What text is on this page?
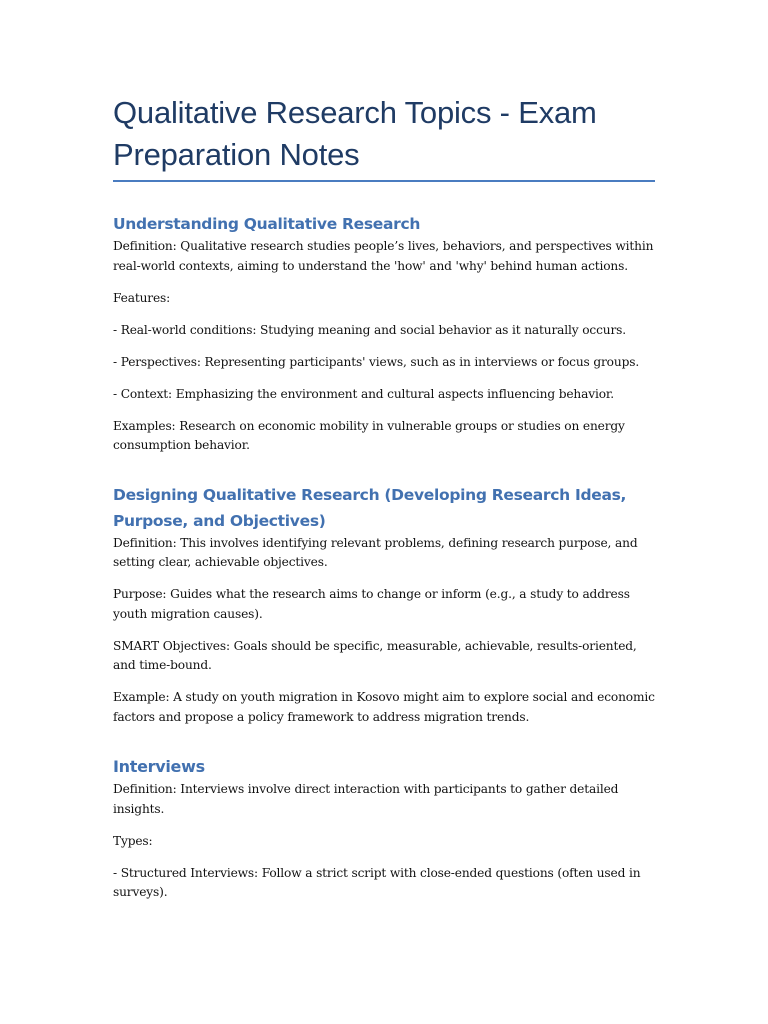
Qualitative Research Topics - Exam
Preparation Notes
Understanding Qualitative Research

Definition: Qualitative research studies people’s lives, behaviors, and perspectives within real-world contexts, aiming to understand the 'how' and 'why' behind human actions.

Features:

- Real-world conditions: Studying meaning and social behavior as it naturally occurs.

- Perspectives: Representing participants' views, such as in interviews or focus groups.

- Context: Emphasizing the environment and cultural aspects influencing behavior.

Examples: Research on economic mobility in vulnerable groups or studies on energy consumption behavior.

Designing Qualitative Research (Developing Research Ideas, Purpose, and Objectives)

Definition: This involves identifying relevant problems, defining research purpose, and setting clear, achievable objectives.

Purpose: Guides what the research aims to change or inform (e.g., a study to address youth migration causes).

SMART Objectives: Goals should be specific, measurable, achievable, results-oriented, and time-bound.

Example: A study on youth migration in Kosovo might aim to explore social and economic factors and propose a policy framework to address migration trends.

Interviews

Definition: Interviews involve direct interaction with participants to gather detailed insights.

Types:

- Structured Interviews: Follow a strict script with close-ended questions (often used in surveys).
